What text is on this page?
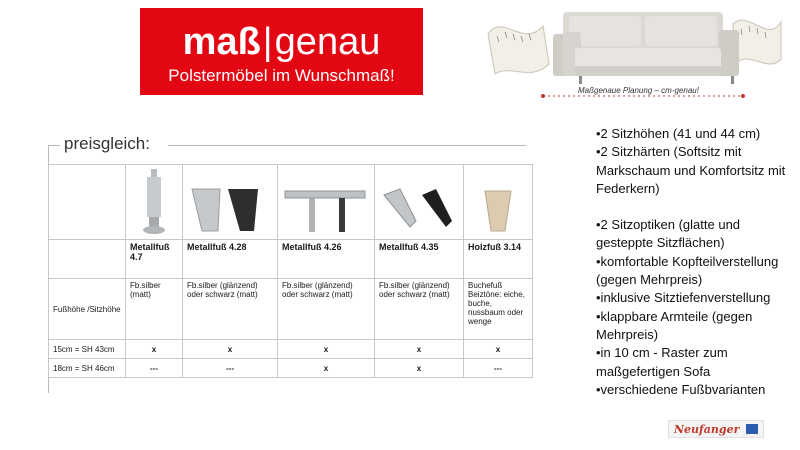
maß|genau
Polstermöbel im Wunschmaß!
Maßgenaue Planung – cm-genau!
preisgleich:

	Metallfuß 4.7	Metallfuß 4.28	Metallfuß 4.26	Metallfuß 4.35	Holzfuß 3.14
Fußhöhe /Sitzhöhe	Fb.silber (matt)	Fb.silber (glänzend) oder schwarz (matt)	Fb.silber (glänzend) oder schwarz (matt)	Fb.silber (glänzend) oder schwarz (matt)	Buchefuß Beiztöne: eiche, buche, nussbaum oder wenge
15cm = SH 43cm	x	x	x	x	x
18cm = SH 46cm	---	---	x	x	---
•2 Sitzhöhen (41 und 44 cm)
•2 Sitzhärten (Softsitz mit Markschaum und Komfortsitz mit Federkern)
•2 Sitzoptiken (glatte und gesteppte Sitzflächen)
•komfortable Kopfteilverstellung (gegen Mehrpreis)
•inklusive Sitztiefenverstellung
•klappbare Armteile (gegen Mehrpreis)
•in 10 cm - Raster zum maßgefertigen Sofa
•verschiedene Fußbvarianten
Neufanger
